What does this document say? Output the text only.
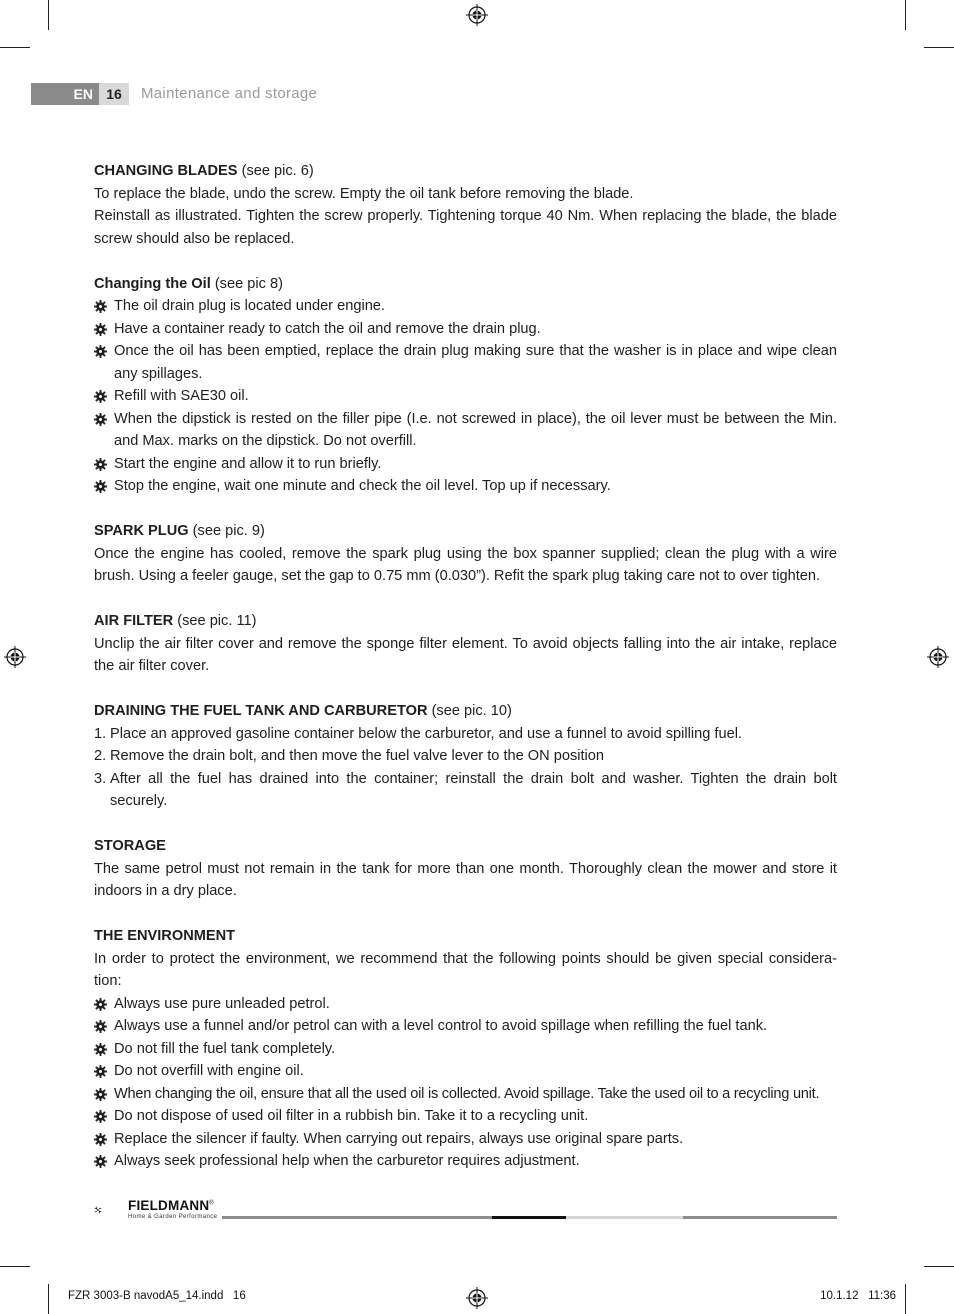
EN 16	Maintenance and storage
CHANGING BLADES (see pic. 6)

To replace the blade, undo the screw. Empty the oil tank before removing the blade.

Reinstall as illustrated. Tighten the screw properly. Tightening torque 40 Nm. When replacing the blade, the blade screw should also be replaced.

Changing the Oil (see pic 8)
The oil drain plug is located under engine.
Have a container ready to catch the oil and remove the drain plug.
Once the oil has been emptied, replace the drain plug making sure that the washer is in place and wipe clean any spillages.
Refill with SAE30 oil.
When the dipstick is rested on the filler pipe (I.e. not screwed in place), the oil lever must be between the Min. and Max. marks on the dipstick. Do not overfill.
Start the engine and allow it to run briefly.
Stop the engine, wait one minute and check the oil level. Top up if necessary.
SPARK PLUG (see pic. 9)

Once the engine has cooled, remove the spark plug using the box spanner supplied; clean the plug with a wire brush. Using a feeler gauge, set the gap to 0.75 mm (0.030”). Refit the spark plug taking care not to over tighten.

AIR FILTER (see pic. 11)

Unclip the air filter cover and remove the sponge filter element. To avoid objects falling into the air intake, replace the air filter cover.

DRAINING THE FUEL TANK AND CARBURETOR (see pic. 10)
1. Place an approved gasoline container below the carburetor, and use a funnel to avoid spilling fuel.
2. Remove the drain bolt, and then move the fuel valve lever to the ON position
3. After all the fuel has drained into the container; reinstall the drain bolt and washer. Tighten the drain bolt securely.
STORAGE

The same petrol must not remain in the tank for more than one month. Thoroughly clean the mower and store it indoors in a dry place.

THE ENVIRONMENT

In order to protect the environment, we recommend that the following points should be given special considera-tion:

Always use pure unleaded petrol.
Always use a funnel and/or petrol can with a level control to avoid spillage when refilling the fuel tank.
Do not fill the fuel tank completely.
Do not overfill with engine oil.
When changing the oil, ensure that all the used oil is collected. Avoid spillage. Take the used oil to a recycling unit.
Do not dispose of used oil filter in a rubbish bin. Take it to a recycling unit.
Replace the silencer if faulty. When carrying out repairs, always use original spare parts.
Always seek professional help when the carburetor requires adjustment.
FIELDMANN®
Home & Garden Performance
FZR 3003-B navodA5_14.indd   16	10.1.12   11:36
